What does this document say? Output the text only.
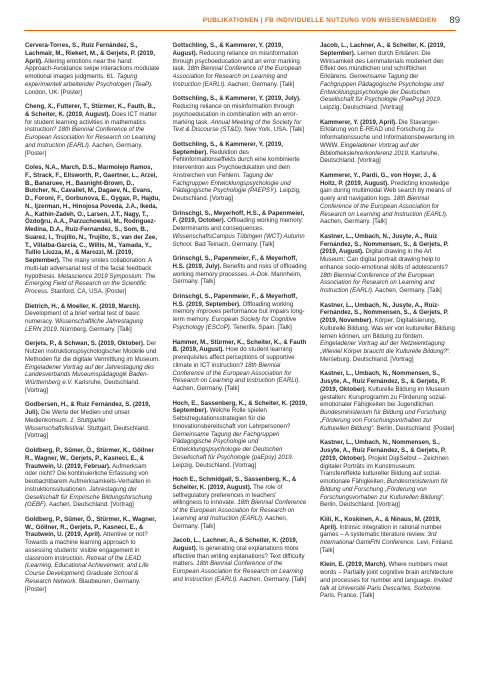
PUBLIKATIONEN | FB INDIVIDUELLE NUTZUNG VON WISSENSMEDIEN 89

Cervera-Torres, S., Ruiz Fernández, S., Lachmair, M., Riekert, M., & Gerjets, P. (2019, April). Altering emotions near the hand: Approach-Avoidance swipe interactions modulate emotional images judgments. 61. Tagung experimentell arbeitender Psychologen (TeaP). London, UK. [Poster]

Cheng, X., Futterer, T., Stürmer, K., Fauth, B., & Scheiter, K. (2019, August). Does ICT matter for student learning activities in mathematics instruction? 18th Biennial Conference of the European Association for Research on Learning and Instruction (EARLI). Aachen, Germany. [Poster]

Coles, N.A., March, D.S., Marmolejo Ramos, F., Strack, F., Ellsworth, P., Gaertner, L., Arzel, B., Banaruee, H., Basnight-Brown, D., Butcher, N., Cavallet, M., Dagaev, N., Evans, D., Foroni, F., Gorbunova, E., Gygax, P., Hajdu, N., Ijzerman, H., Hinojosa Poveda, J.A., Ikeda, A., Kathin-Zadeh, O., Larsen, J.T., Nagy, T., Özdoğru, A.A., Parzuchowski, M., Rodriguez-Medina, D.A., Ruiz-Fernandez, S., Som, B., Suarez, I., Trujillo, N., Trujillo, S., van der Zee, T., Villalba-Garcia, C., Willis, M., Yamada, Y., Tullio Liuzza, M., & Marozzi, M. (2019, September). The many smiles collaboration: A multi-lab adversarial test of the facial feedback hypothesis. Metascience 2019 Symposium: The Emerging Field of Research on the Scientific Process. Stanford, CA, USA. [Poster]

Dietrich, H., & Moeller, K. (2019, March). Development of a brief verbal test of basic numeracy. Wissenschaftliche Jahrestagung LERN 2019. Nürnberg, Germany. [Talk]

Gerjets, P., & Schwan, S. (2019, Oktober). Der Nutzen instruktionspsychologischer Modelle und Methoden für die digitale Vermittlung im Museum. Eingeladener Vortrag auf der Jahrestagung des Landesverbands Museumspädagogik Baden-Württemberg e.V. Karlsruhe, Deutschland. [Vortrag]

Godbersen, H., & Ruiz Fernández, S. (2019, Juli). Die Werte der Medien und unser Medienkonsum. 1. Stuttgarter Wissenschaftsfestival. Stuttgart, Deutschland. [Vortrag]

Goldberg, P., Sümer, Ö., Stürmer, K., Göllner R., Wagner, W., Gerjets, P., Kasneci, E., & Trautwein, U. (2019, Februar). Aufmerksam oder nicht? Die kontinuierliche Erfassung von beobachtbarem Aufmerksamkeits-Verhalten in instruktionssituationen. Jahrestagung der Gesellschaft für Empirische Bildungsforschung (GEBF). Aachen, Deutschland. [Vortrag]

Goldberg, P., Sümer, Ö., Stürmer, K., Wagner, W., Göllner, R., Gerjets, P., Kasneci, E., & Trautwein, U. (2019, April). Attentive or not? Towards a machine learning approach to assessing students' visible engagement in classroom instruction. Retreat of the LEAD (Learning, Educational Achievement, and Life Course Development) Graduate School & Research Network. Blaubeuren, Germany. [Poster]

Gottschling, S., & Kammerer, Y. (2019, August). Reducing reliance on misinformation through psychoeducation and an error marking task. 18th Biennial Conference of the European Association for Research on Learning and Instruction (EARLI). Aachen, Germany. [Talk]

Gottschling, S., & Kammerer, Y. (2019, July). Reducing reliance on misinformation through psychoeducation in combination with an error-marking task. Annual Meeting of the Society for Text & Discourse (ST&D). New York, USA. [Talk]

Gottschling, S., & Kammerer, Y. (2019, September). Reduktion des Fehlinformationseffekts durch eine kombinierte Intervention aus Psychoedukation und dem Anstreichen von Fehlern. Tagung der Fachgruppen Entwicklungspsychologie und Pädagogische Psychologie (PAEPSY). Leipzig, Deutschland. [Vortrag]

Grinschgl, S., Meyerhoff, H.S., & Papenmeier, F. (2019, October). Offloading working memory: Determinants and consequences. WissenschaftsCampus Tübingen (WCT) Autumn School. Bad Teinach, Germany. [Talk]

Grinschgl, S., Papenmeier, F., & Meyerhoff, H.S. (2019, July). Benefits and risks of offloading working memory processes. A-Dok. Mannheim, Germany. [Talk]

Grinschgl, S., Papenmeier, F., & Meyerhoff, H.S. (2019, September). Offloading working memory improves performance but impairs long-term memory. European Society for Cognitive Psychology (ESCoP). Tenerife, Spain. [Talk]

Hammer, M., Stürmer, K., Scheiter, K., & Fauth B. (2019, August). How do student learning prerequisites affect perceptions of supportive climate in ICT instruction? 18th Biennial Conference of the European Association for Research on Learning and Instruction (EARLI). Aachen, Germany. [Talk]

Hoch, E., Sassenberg, K., & Scheiter, K. (2019, September). Welche Rolle spielen Selbstregulationsstrategien für die Innovationsbereitschaft von Lehrpersonen? Gemeinsame Tagung der Fachgruppen Pädagogische Psychologie und Entwicklungspsychologie der Deutschen Gesellschaft für Psychologie (paEpsy) 2019. Leipzig, Deutschland. [Vortrag]

Hoch E., Schmidgall, S., Sassenberg, K., & Scheiter, K. (2019, August). The role of selfregulatory preferences in teachers' willingness to innovate. 18th Biennial Conference of the European Association for Research on Learning and Instruction (EARLI). Aachen, Germany. [Talk]

Jacob, L., Lachner, A., & Scheiter, K. (2019, August). Is generating oral explanations more effective than writing explanations? Text difficulty matters. 18th Biennial Conference of the European Association for Research on Learning and Instruction (EARLI). Aachen, Germany. [Talk]

Jacob, L., Lachner, A., & Scheiter, K. (2019, September). Lernen durch Erklären: Die Wirksamkeit des Lernmaterials moderiert den Effekt des mündlichen und schriftlichen Erklärens. Gemeinsame Tagung der Fachgruppen Pädagogische Psychologie und Entwicklungspsychologie der Deutschen Gesellschaft für Psychologie (PaePsy) 2019. Leipzig, Deutschland. [Vortrag]

Kammerer, Y. (2019, April). Die Stavanger-Erklärung von E-READ und Forschung zu Informationssuche und Informationsbewertung im WWW. Eingeladener Vortrag auf der Bibliothekslehrerkonferenz 2019. Karlsruhe, Deutschland. [Vortrag]

Kammerer, Y., Pardi, G., von Hoyer, J., & Holtz, P. (2019, August). Predicting knowledge gain during multimodal Web search by means of query and navigation logs. 18th Biennial Conference of the European Association for Research on Learning and Instruction (EARLI). Aachen, Germany. [Talk]

Kastner, L., Umbach, N., Jusyte, A., Ruiz Fernández, S., Nommensen, S., & Gerjets, P. (2019, August). Digital drawing in the Art Museum: Can digital portrait drawing help to enhance socio-emotional skills of adolescents? 18th Biennial Conference of the European Association for Research on Learning and Instruction (EARLI). Aachen, Germany. [Talk]

Kastner, L., Umbach, N., Jusyte, A., Ruiz-Fernández, S., Nommensen, S., & Gerjets, P. (2019, November). Körper, Digitalisierung, Kulturelle Bildung. Was wir von kultureller Bildung lernen können, um Bildung zu fördern. Eingeladener Vortrag auf der Netzwerktagung „Wieviel Körper braucht die Kulturelle Bildung?“. Merseburg, Deutschland. [Vortrag]

Kastner, L., Umbach, N., Nommensen, S., Jusyte, A., Ruiz Fernández, S., & Gerjets, P. (2019, Oktober). Kulturelle Bildung im Museum gestalten: Kursprogramm zu Förderung sozial-emotionaler Fähigkeiten bei Jugendlichen. Bundesministerium für Bildung und Forschung „Förderung von Forschungsvorhaben zur Kulturellen Bildung“. Berlin, Deutschland. [Poster]

Kastner, L., Umbach, N., Nommensen, S., Jusyte, A., Ruiz Fernández, S., & Gerjets, P. (2019, Oktober). Projekt DigiSelbst – Zeichnen digitaler Porträts im Kunstmuseum: Transfereffekte kultureller Bildung auf sozial-emotionale Fähigkeiten. Bundesministerium für Bildung und Forschung „Förderung von Forschungsvorhaben zur Kulturellen Bildung“. Berlin, Deutschland. [Vortrag]

Kiili, K., Koskinen, A., & Ninaus, M. (2019, April). Intrinsic integration in rational number games – A systematic literature review. 3rd International GamiFIN Conference. Levi, Finland. [Talk]

Klein, E. (2019, March). Where numbers meet words – Partially joint cognitive brain architecture and processes for number and language. Invited talk at Université Paris Descartes, Sorbonne. Paris, France. [Talk]
